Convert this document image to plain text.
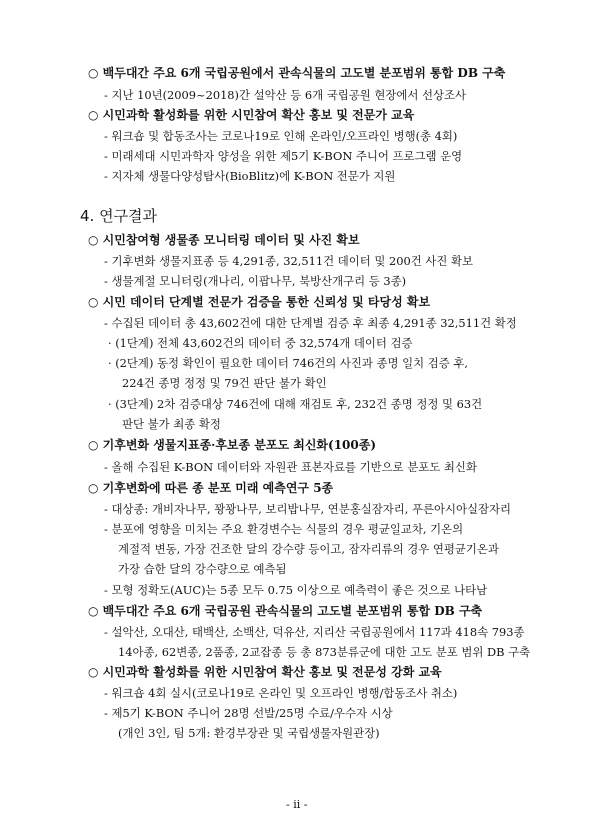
○ 백두대간 주요 6개 국립공원에서 관속식물의 고도별 분포범위 통합 DB 구축
- 지난 10년(2009~2018)간 설악산 등 6개 국립공원 현장에서 선상조사
○ 시민과학 활성화를 위한 시민참여 확산 홍보 및 전문가 교육
- 워크숍 및 합동조사는 코로나19로 인해 온라인/오프라인 병행(총 4회)
- 미래세대 시민과학자 양성을 위한 제5기 K-BON 주니어 프로그램 운영
- 지자체 생물다양성탐사(BioBlitz)에 K-BON 전문가 지원
4. 연구결과
○ 시민참여형 생물종 모니터링 데이터 및 사진 확보
- 기후변화 생물지표종 등 4,291종, 32,511건 데이터 및 200건 사진 확보
- 생물계절 모니터링(개나리, 이팝나무, 북방산개구리 등 3종)
○ 시민 데이터 단계별 전문가 검증을 통한 신뢰성 및 타당성 확보
- 수집된 데이터 총 43,602건에 대한 단계별 검증 후 최종 4,291종 32,511건 확정
· (1단계) 전체 43,602건의 데이터 중 32,574개 데이터 검증
· (2단계) 동정 확인이 필요한 데이터 746건의 사진과 종명 일치 검증 후,
224건 종명 정정 및 79건 판단 불가 확인
· (3단계) 2차 검증대상 746건에 대해 재검토 후, 232건 종명 정정 및 63건
판단 불가 최종 확정
○ 기후변화 생물지표종·후보종 분포도 최신화(100종)
- 올해 수집된 K-BON 데이터와 자원관 표본자료를 기반으로 분포도 최신화
○ 기후변화에 따른 종 분포 미래 예측연구 5종
- 대상종: 개비자나무, 꽝꽝나무, 보리밥나무, 연분홍실잠자리, 푸른아시아실잠자리
- 분포에 영향을 미치는 주요 환경변수는 식물의 경우 평균일교차, 기온의
계절적 변동, 가장 건조한 달의 강수량 등이고, 잠자리류의 경우 연평균기온과
가장 습한 달의 강수량으로 예측됨
- 모형 정확도(AUC)는 5종 모두 0.75 이상으로 예측력이 좋은 것으로 나타남
○ 백두대간 주요 6개 국립공원 관속식물의 고도별 분포범위 통합 DB 구축
- 설악산, 오대산, 태백산, 소백산, 덕유산, 지리산 국립공원에서 117과 418속 793종
14아종, 62변종, 2품종, 2교잡종 등 총 873분류군에 대한 고도 분포 범위 DB 구축
○ 시민과학 활성화를 위한 시민참여 확산 홍보 및 전문성 강화 교육
- 워크숍 4회 실시(코로나19로 온라인 및 오프라인 병행/합동조사 취소)
- 제5기 K-BON 주니어 28명 선발/25명 수료/우수자 시상
(개인 3인, 팀 5개: 환경부장관 및 국립생물자원관장)
- ii -
